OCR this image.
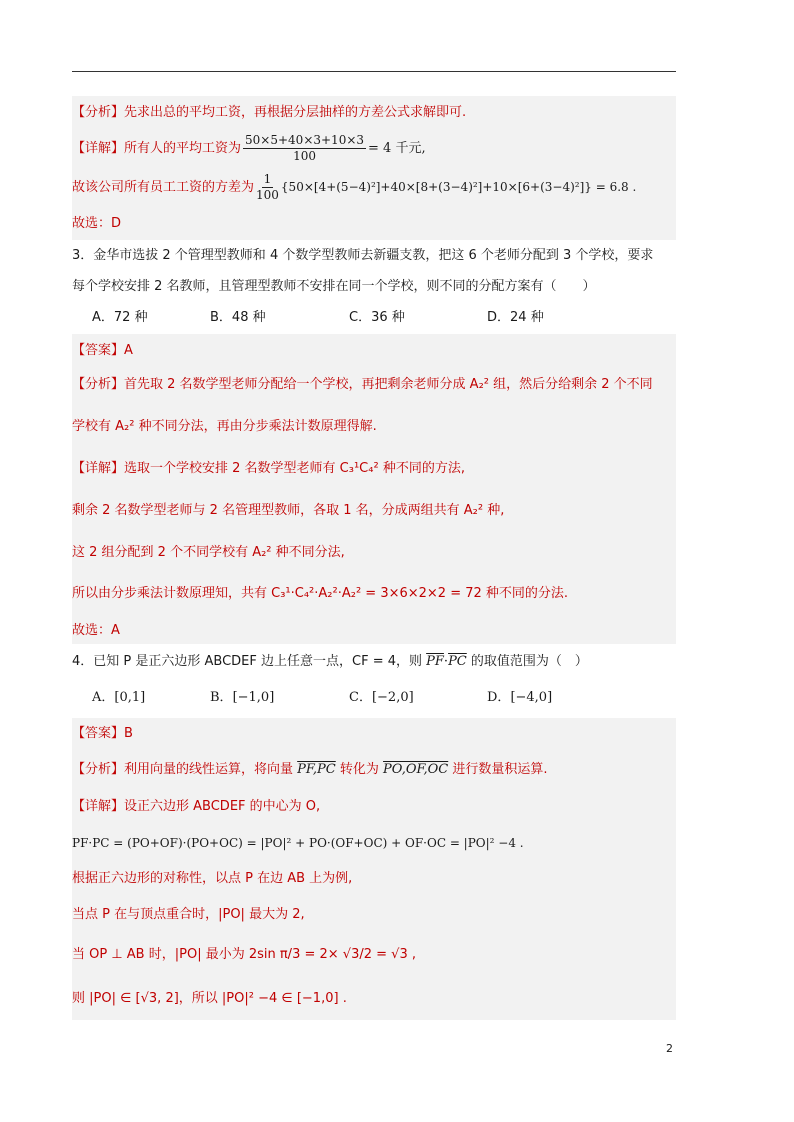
【分析】先求出总的平均工资，再根据分层抽样的方差公式求解即可.
【详解】所有人的平均工资为 $\frac{50\times 5+40\times 3+10\times 3}{100} = 4$ 千元,
故该公司所有员工工资的方差为 $\frac{1}{100} \{50\times[4+(5-4)^2]+40\times[8+(3-4)^2]+10\times[6+(3-4)^2]\} = 6.8$ .
故选：D
3．金华市选拔 2 个管理型教师和 4 个数学型教师去新疆支教，把这 6 个老师分配到 3 个学校，要求
每个学校安排 2 名教师，且管理型教师不安排在同一个学校，则不同的分配方案有（　　）
A．72 种	B．48 种	C．36 种	D．24 种
【答案】A
【分析】首先取 2 名数学型老师分配给一个学校，再把剩余老师分成 A₂² 组，然后分给剩余 2 个不同
学校有 A₂² 种不同分法，再由分步乘法计数原理得解.
【详解】选取一个学校安排 2 名数学型老师有 C₃¹C₄² 种不同的方法,
剩余 2 名数学型老师与 2 名管理型教师，各取 1 名，分成两组共有 A₂² 种,
这 2 组分配到 2 个不同学校有 A₂² 种不同分法,
所以由分步乘法计数原理知，共有 C₃¹·C₄²·A₂²·A₂² = 3×6×2×2 = 72 种不同的分法.
故选：A
4．已知 P 是正六边形 ABCDEF 边上任意一点，CF = 4，则 $\overline{PF}\cdot\overline{PC}$ 的取值范围为（　）
A．[0,1]	B．[−1,0]	C．[−2,0]	D．[−4,0]
【答案】B
【分析】利用向量的线性运算，将向量 PF,PC 转化为 PO,OF,OC 进行数量积运算.
【详解】设正六边形 ABCDEF 的中心为 O,
PF·PC = (PO+OF)·(PO+OC) = |PO|² + PO·(OF+OC) + OF·OC = |PO|² −4 .
根据正六边形的对称性，以点 P 在边 AB 上为例,
当点 P 在与顶点重合时，|PO| 最大为 2,
当 OP ⊥ AB 时，|PO| 最小为 2sin π/3 = 2× √3/2 = √3 ,
则 |PO| ∈ [√3, 2]，所以 |PO|² −4 ∈ [−1,0] .
2
